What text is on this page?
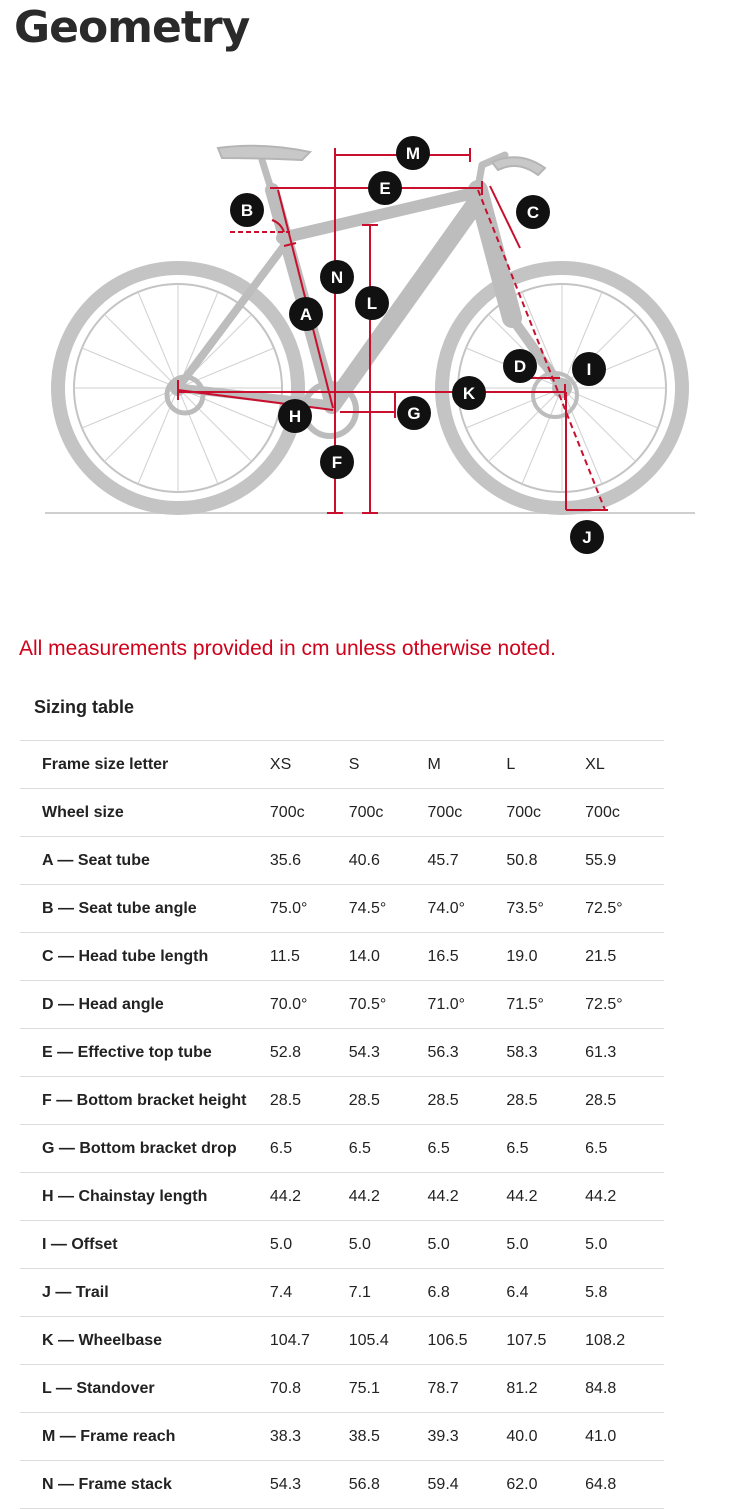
Geometry
M
E
C
B
N
L
A
D	I
K
H	G
F
J

All measurements provided in cm unless otherwise noted.

Sizing table
Frame size letter	XS	S	M	L	XL
Wheel size	700c	700c	700c	700c	700c
A — Seat tube	35.6	40.6	45.7	50.8	55.9
B — Seat tube angle	75.0°	74.5°	74.0°	73.5°	72.5°
C — Head tube length	11.5	14.0	16.5	19.0	21.5
D — Head angle	70.0°	70.5°	71.0°	71.5°	72.5°
E — Effective top tube	52.8	54.3	56.3	58.3	61.3
F — Bottom bracket height	28.5	28.5	28.5	28.5	28.5
G — Bottom bracket drop	6.5	6.5	6.5	6.5	6.5
H — Chainstay length	44.2	44.2	44.2	44.2	44.2
I — Offset	5.0	5.0	5.0	5.0	5.0
J — Trail	7.4	7.1	6.8	6.4	5.8
K — Wheelbase	104.7	105.4	106.5	107.5	108.2
L — Standover	70.8	75.1	78.7	81.2	84.8
M — Frame reach	38.3	38.5	39.3	40.0	41.0
N — Frame stack	54.3	56.8	59.4	62.0	64.8
